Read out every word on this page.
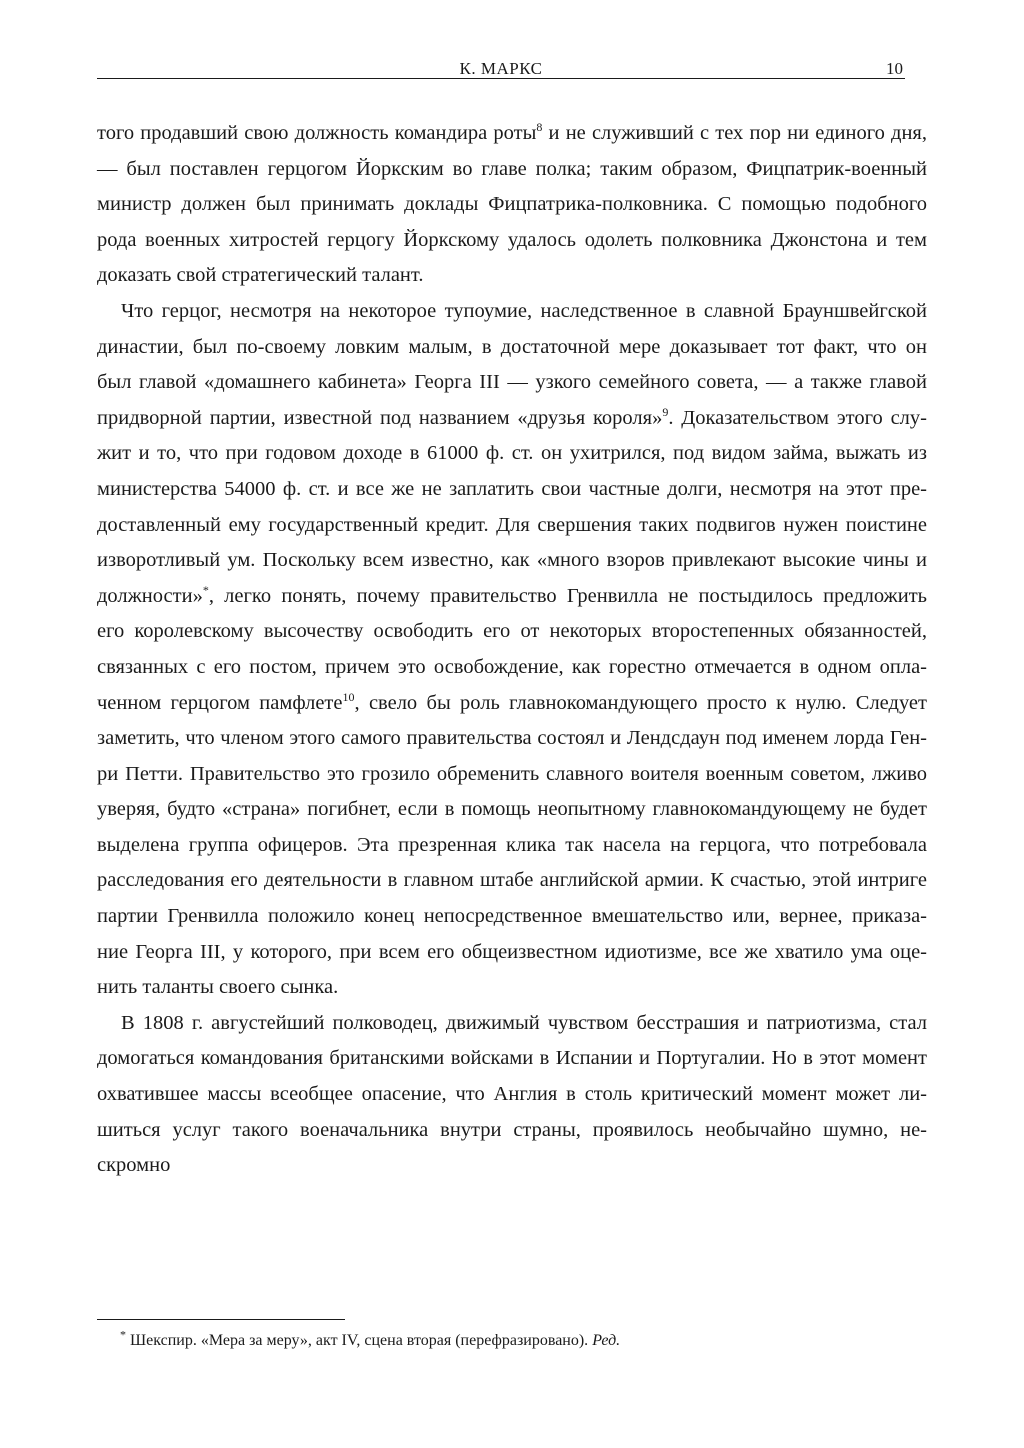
К. МАРКС	10

того продавший свою должность командира роты$^8$ и не служивший с тех пор ни единого дня,

— был поставлен герцогом Йоркским во главе полка; таким образом, Фицпатрик-военный

министр должен был принимать доклады Фицпатрика-полковника. С помощью подобного

рода военных хитростей герцогу Йоркскому удалось одолеть полковника Джонстона и тем

доказать свой стратегический талант.

Что герцог, несмотря на некоторое тупоумие, наследственное в славной Брауншвейгской

династии, был по-своему ловким малым, в достаточной мере доказывает тот факт, что он

был главой «домашнего кабинета» Георга III — узкого семейного совета, — а также главой

придворной партии, известной под названием «друзья короля»$^9$. Доказательством этого слу-

жит и то, что при годовом доходе в 61000 ф. ст. он ухитрился, под видом займа, выжать из

министерства 54000 ф. ст. и все же не заплатить свои частные долги, несмотря на этот пре-

доставленный ему государственный кредит. Для свершения таких подвигов нужен поистине

изворотливый ум. Поскольку всем известно, как «много взоров привлекают высокие чины и

должности»*, легко понять, почему правительство Гренвилла не постыдилось предложить

его королевскому высочеству освободить его от некоторых второстепенных обязанностей,

связанных с его постом, причем это освобождение, как горестно отмечается в одном опла-

ченном герцогом памфлете$^{10}$, свело бы роль главнокомандующего просто к нулю. Следует

заметить, что членом этого самого правительства состоял и Лендсдаун под именем лорда Ген-

ри Петти. Правительство это грозило обременить славного воителя военным советом, лживо

уверяя, будто «страна» погибнет, если в помощь неопытному главнокомандующему не будет

выделена группа офицеров. Эта презренная клика так насела на герцога, что потребовала

расследования его деятельности в главном штабе английской армии. К счастью, этой интриге

партии Гренвилла положило конец непосредственное вмешательство или, вернее, приказа-

ние Георга III, у которого, при всем его общеизвестном идиотизме, все же хватило ума оце-

нить таланты своего сынка.

В 1808 г. августейший полководец, движимый чувством бесстрашия и патриотизма, стал

домогаться командования британскими войсками в Испании и Португалии. Но в этот момент

охватившее массы всеобщее опасение, что Англия в столь критический момент может ли-

шиться услуг такого военачальника внутри страны, проявилось необычайно шумно, не-

скромно

* Шекспир. «Мера за меру», акт IV, сцена вторая (перефразировано). Ред.
